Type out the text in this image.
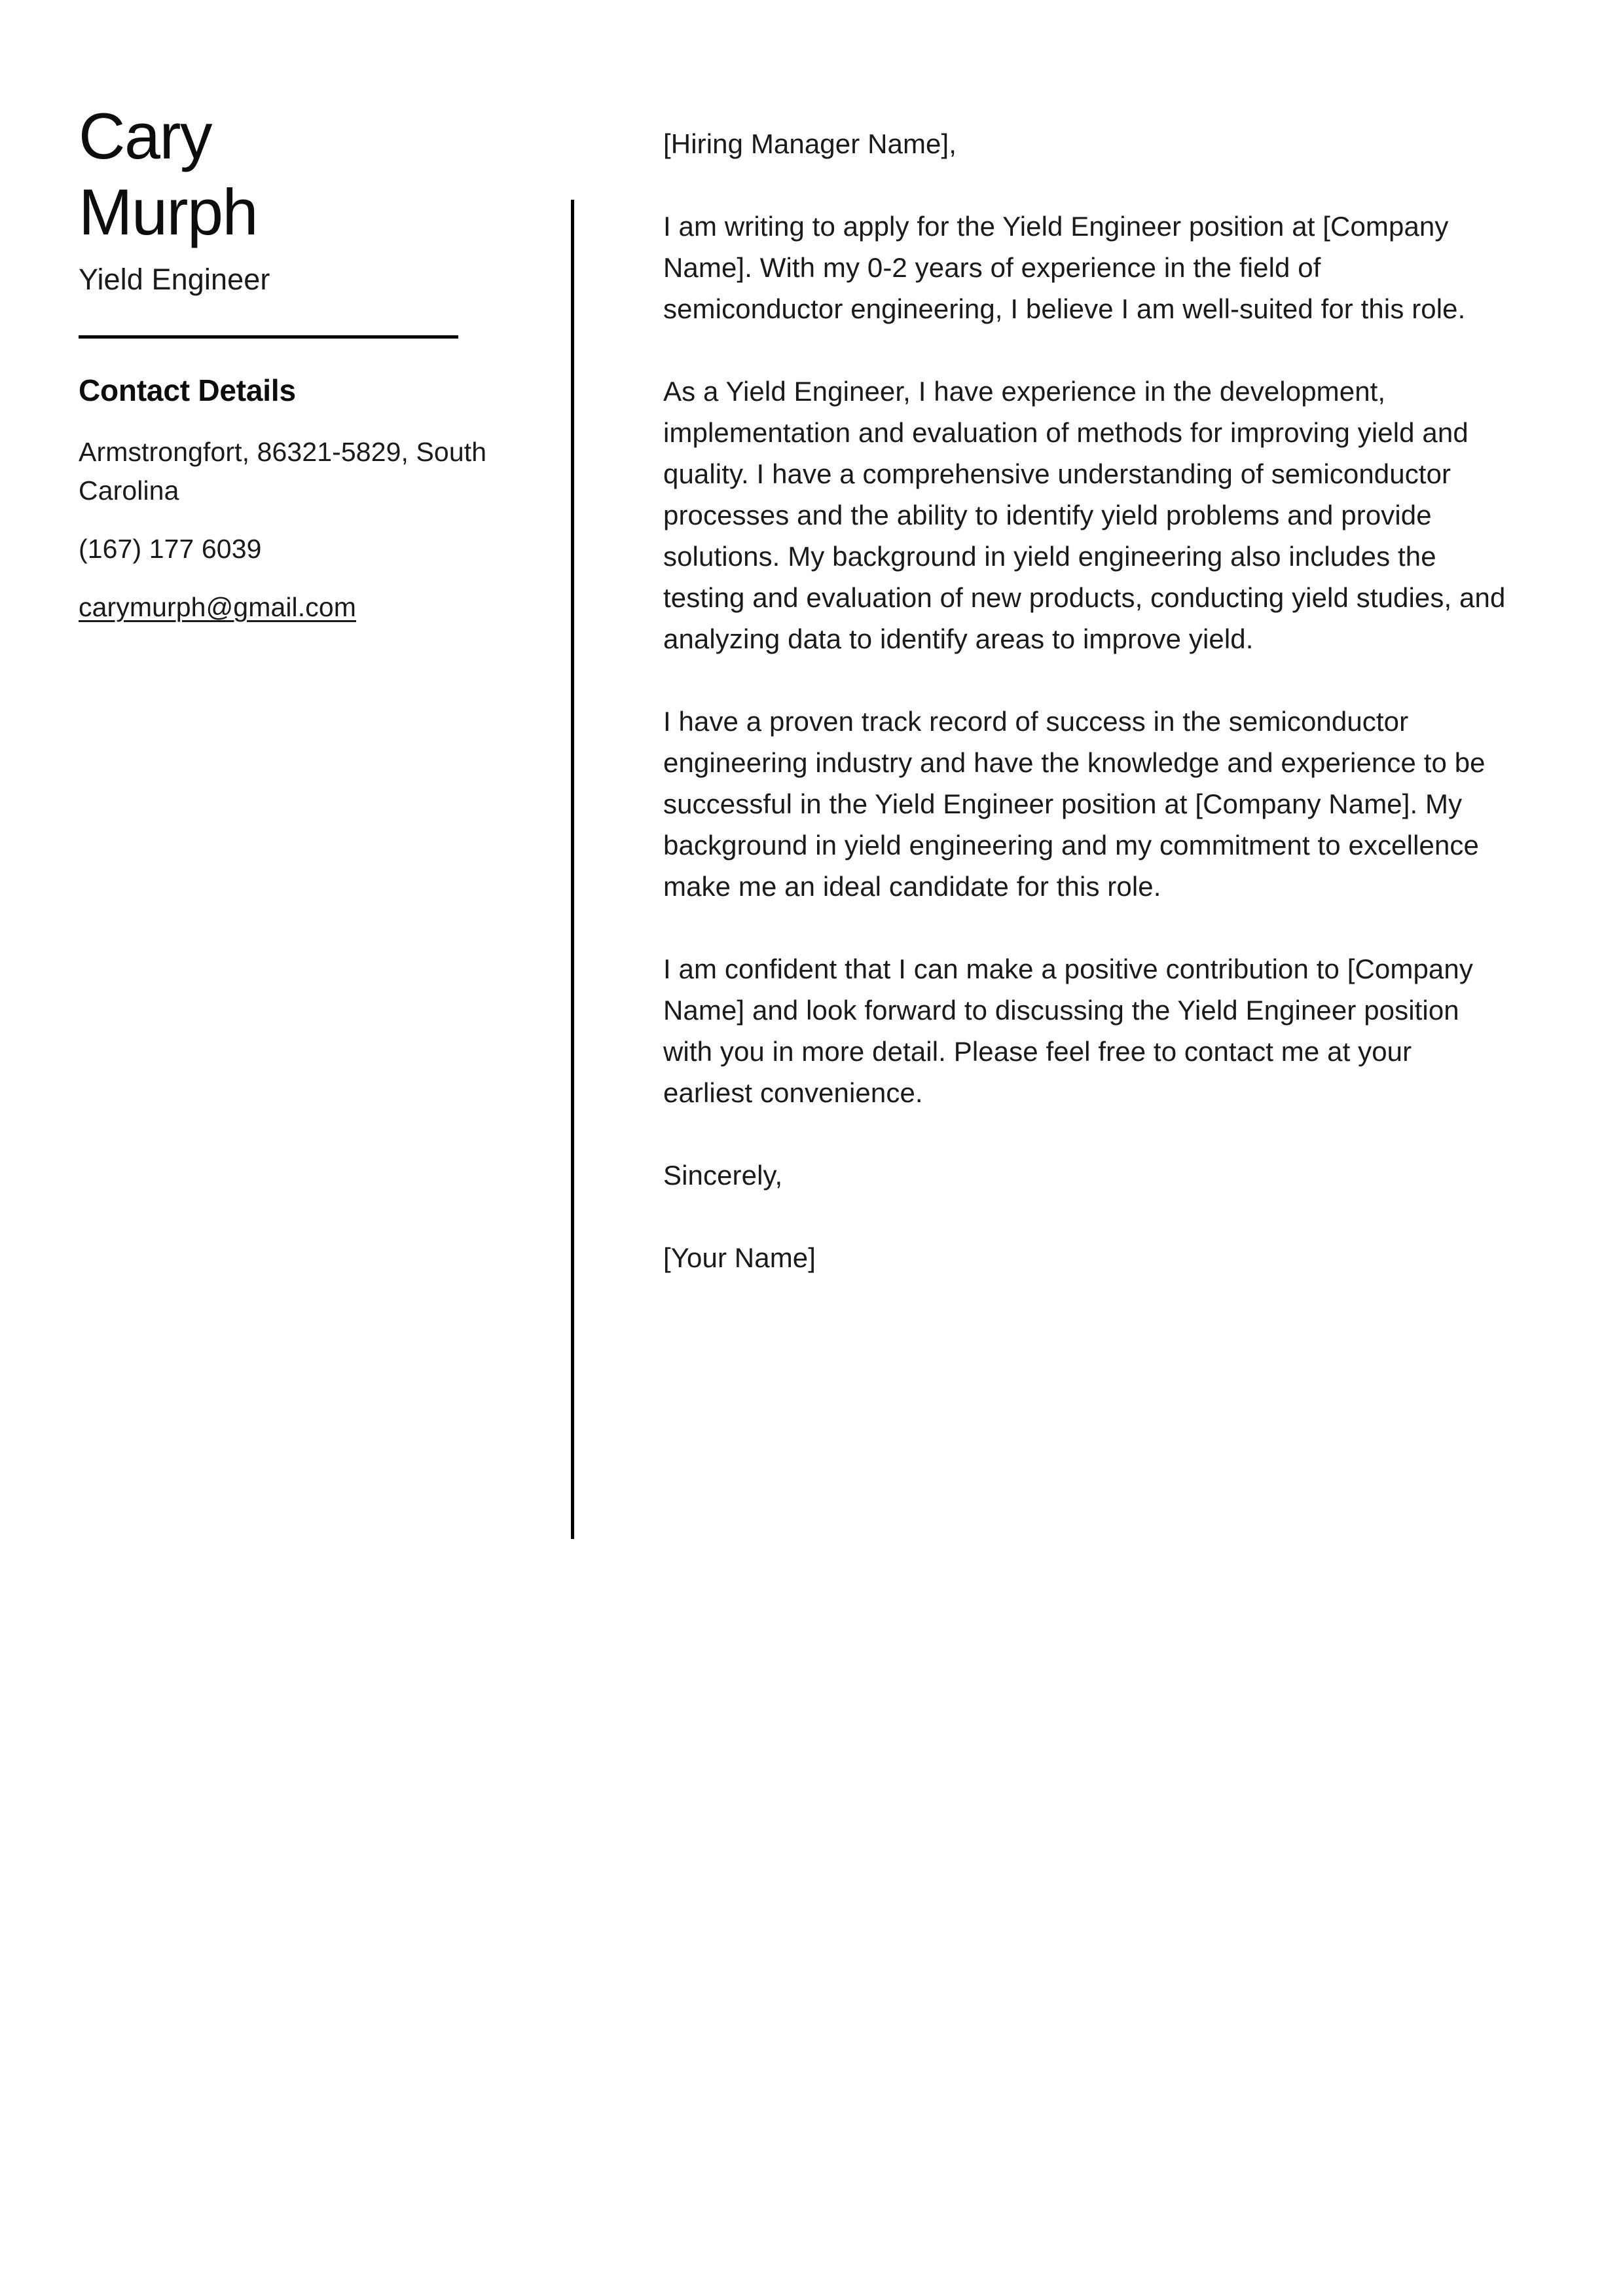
Cary
Murph
Yield Engineer
Contact Details
Armstrongfort, 86321-5829, South Carolina
(167) 177 6039
carymurph@gmail.com

[Hiring Manager Name],

I am writing to apply for the Yield Engineer position at [Company Name]. With my 0-2 years of experience in the field of semiconductor engineering, I believe I am well-suited for this role.

As a Yield Engineer, I have experience in the development, implementation and evaluation of methods for improving yield and quality. I have a comprehensive understanding of semiconductor processes and the ability to identify yield problems and provide solutions. My background in yield engineering also includes the testing and evaluation of new products, conducting yield studies, and analyzing data to identify areas to improve yield.

I have a proven track record of success in the semiconductor engineering industry and have the knowledge and experience to be successful in the Yield Engineer position at [Company Name]. My background in yield engineering and my commitment to excellence make me an ideal candidate for this role.

I am confident that I can make a positive contribution to [Company Name] and look forward to discussing the Yield Engineer position with you in more detail. Please feel free to contact me at your earliest convenience.

Sincerely,

[Your Name]
